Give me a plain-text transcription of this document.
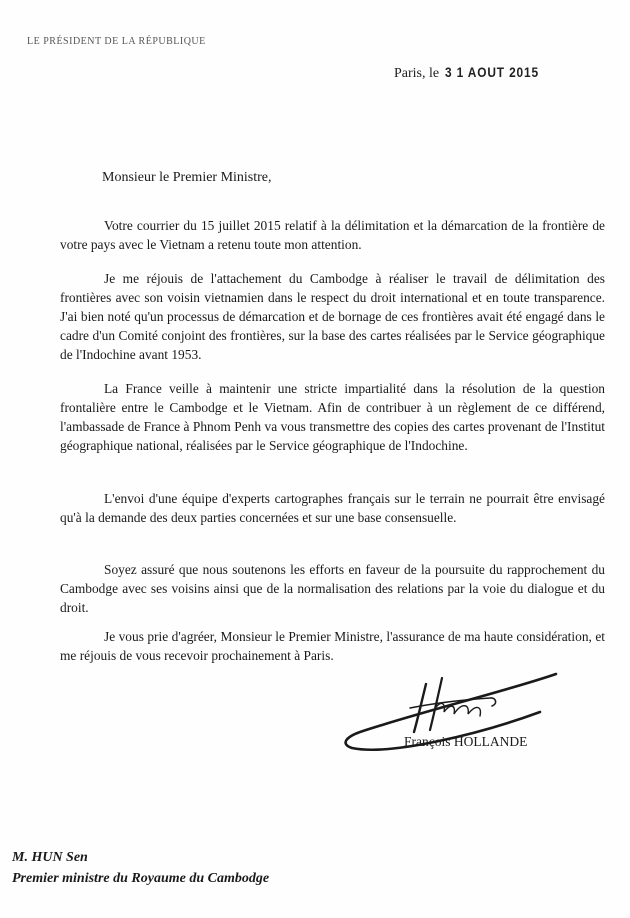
LE PRÉSIDENT DE LA RÉPUBLIQUE
Paris, le 3 1 AOUT 2015
Monsieur le Premier Ministre,

Votre courrier du 15 juillet 2015 relatif à la délimitation et la démarcation de la frontière de votre pays avec le Vietnam a retenu toute mon attention.

Je me réjouis de l'attachement du Cambodge à réaliser le travail de délimitation des frontières avec son voisin vietnamien dans le respect du droit international et en toute transparence. J'ai bien noté qu'un processus de démarcation et de bornage de ces frontières avait été engagé dans le cadre d'un Comité conjoint des frontières, sur la base des cartes réalisées par le Service géographique de l'Indochine avant 1953.

La France veille à maintenir une stricte impartialité dans la résolution de la question frontalière entre le Cambodge et le Vietnam. Afin de contribuer à un règlement de ce différend, l'ambassade de France à Phnom Penh va vous transmettre des copies des cartes provenant de l'Institut géographique national, réalisées par le Service géographique de l'Indochine.

L'envoi d'une équipe d'experts cartographes français sur le terrain ne pourrait être envisagé qu'à la demande des deux parties concernées et sur une base consensuelle.

Soyez assuré que nous soutenons les efforts en faveur de la poursuite du rapprochement du Cambodge avec ses voisins ainsi que de la normalisation des relations par la voie du dialogue et du droit.

Je vous prie d'agréer, Monsieur le Premier Ministre, l'assurance de ma haute considération, et me réjouis de vous recevoir prochainement à Paris.

François HOLLANDE
M. HUN Sen
Premier ministre du Royaume du Cambodge
